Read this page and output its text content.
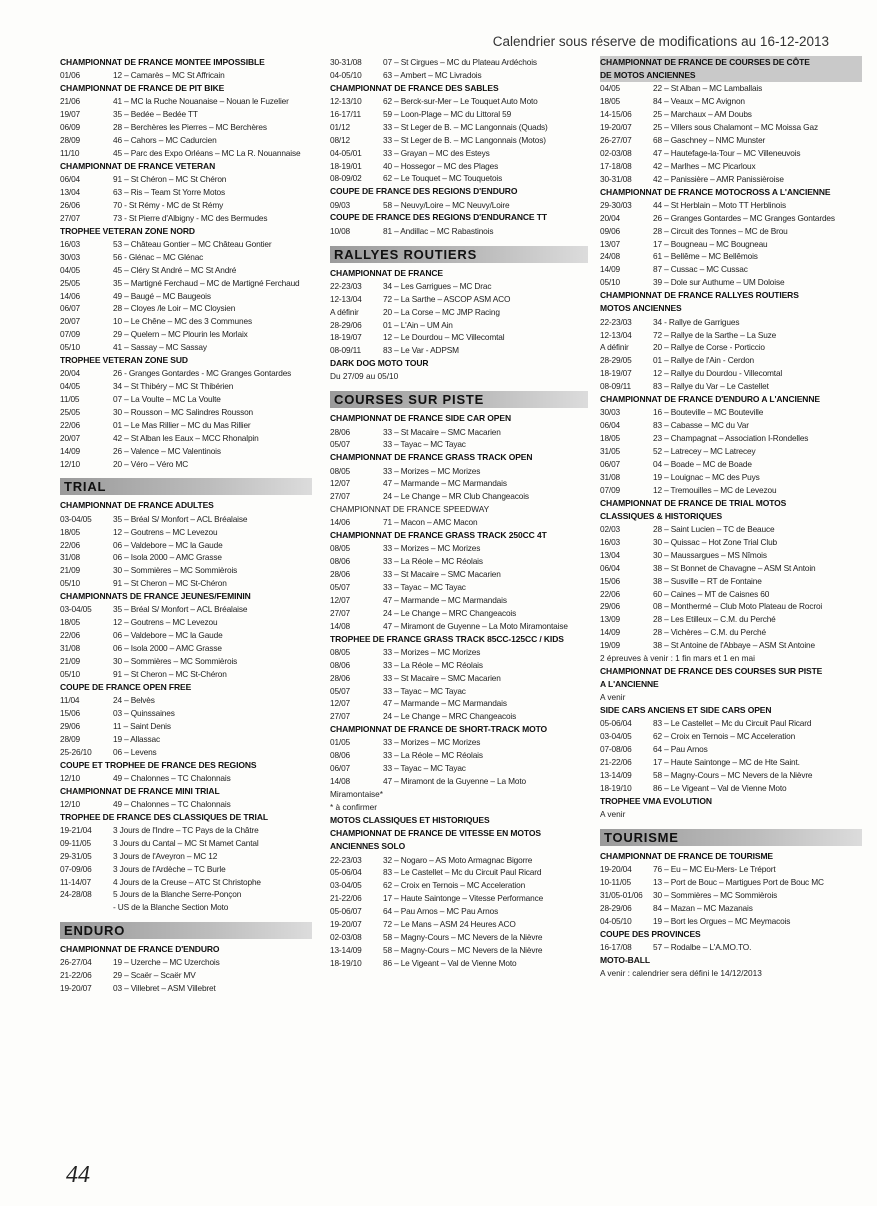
Calendrier sous réserve de modifications au 16-12-2013
CHAMPIONNAT DE FRANCE MONTEE IMPOSSIBLE
01/06	12 – Camarès – MC St Affricain
CHAMPIONNAT DE FRANCE DE PIT BIKE
21/06	41 – MC la Ruche Nouanaise – Nouan le Fuzelier
19/07	35 – Bedée – Bedée TT
06/09	28 – Berchères les Pierres – MC Berchères
28/09	46 – Cahors – MC Cadurcien
11/10	45 – Parc des Expo Orléans – MC La R. Nouannaise
CHAMPIONNAT DE FRANCE VETERAN
06/04	91 – St Chéron – MC St Chéron
13/04	63 – Ris – Team St Yorre Motos
26/06	70 - St Rémy - MC de St Rémy
27/07	73 - St Pierre d'Albigny - MC des Bermudes
TROPHEE VETERAN ZONE NORD
16/03	53 – Château Gontier – MC Château Gontier
30/03	56 - Glénac – MC Glénac
04/05	45 – Cléry St André – MC St André
25/05	35 – Martigné Ferchaud – MC de Martigné Ferchaud
14/06	49 – Baugé – MC Baugeois
06/07	28 – Cloyes /le Loir – MC Cloysien
20/07	10 – Le Chêne – MC des 3 Communes
07/09	29 – Quelern – MC Plourin les Morlaix
05/10	41 – Sassay – MC Sassay
TROPHEE VETERAN ZONE SUD
20/04	26 - Granges Gontardes - MC Granges Gontardes
04/05	34 – St Thibéry – MC St Thibérien
11/05	07 – La Voulte – MC La Voulte
25/05	30 – Rousson – MC Salindres Rousson
22/06	01 – Le Mas Rillier – MC du Mas Rillier
20/07	42 – St Alban les Eaux – MCC Rhonalpin
14/09	26 – Valence – MC Valentinois
12/10	20 – Véro – Véro MC
TRIAL
CHAMPIONNAT DE FRANCE ADULTES
03-04/05	35 – Bréal S/ Monfort – ACL Bréalaise
18/05	12 – Goutrens – MC Levezou
22/06	06 – Valdebore – MC la Gaude
31/08	06 – Isola 2000 – AMC Grasse
21/09	30 – Sommières – MC Sommièrois
05/10	91 – St Cheron – MC St-Chéron
CHAMPIONNATS DE FRANCE JEUNES/FEMININ
03-04/05	35 – Bréal S/ Monfort – ACL Bréalaise
18/05	12 – Goutrens – MC Levezou
22/06	06 – Valdebore – MC la Gaude
31/08	06 – Isola 2000 – AMC Grasse
21/09	30 – Sommières – MC Sommièrois
05/10	91 – St Cheron – MC St-Chéron
COUPE DE FRANCE OPEN FREE
11/04	24 – Belvès
15/06	03 – Quinssaines
29/06	11 – Saint Denis
28/09	19 – Allassac
25-26/10	06 – Levens
COUPE ET TROPHEE DE FRANCE DES REGIONS
12/10	49 – Chalonnes – TC Chalonnais
CHAMPIONNAT DE FRANCE MINI TRIAL
12/10	49 – Chalonnes – TC Chalonnais
TROPHEE DE FRANCE DES CLASSIQUES DE TRIAL
19-21/04	3 Jours de l'Indre – TC Pays de la Châtre
09-11/05	3 Jours du Cantal – MC St Mamet Cantal
29-31/05	3 Jours de l'Aveyron – MC 12
07-09/06	3 Jours de l'Ardèche – TC Burle
11-14/07	4 Jours de la Creuse – ATC St Christophe
24-28/08	5 Jours de la Blanche Serre-Ponçon
- US de la Blanche Section Moto
ENDURO
CHAMPIONNAT DE FRANCE D'ENDURO
26-27/04	19 – Uzerche – MC Uzerchois
21-22/06	29 – Scaër – Scaër MV
19-20/07	03 – Villebret – ASM Villebret
30-31/08	07 – St Cirgues – MC du Plateau Ardéchois
04-05/10	63 – Ambert – MC Livradois
CHAMPIONNAT DE FRANCE DES SABLES
12-13/10	62 – Berck-sur-Mer – Le Touquet Auto Moto
16-17/11	59 – Loon-Plage – MC du Littoral 59
01/12	33 – St Leger de B. – MC Langonnais (Quads)
08/12	33 – St Leger de B. – MC Langonnais (Motos)
04-05/01	33 – Grayan – MC des Esteys
18-19/01	40 – Hossegor – MC des Plages
08-09/02	62 – Le Touquet – MC Touquetois
COUPE DE FRANCE DES REGIONS D'ENDURO
09/03	58 – Neuvy/Loire – MC Neuvy/Loire
COUPE DE FRANCE DES REGIONS D'ENDURANCE TT
10/08	81 – Andillac – MC Rabastinois
RALLYES ROUTIERS
CHAMPIONNAT DE FRANCE
22-23/03	34 – Les Garrigues – MC Drac
12-13/04	72 – La Sarthe – ASCOP ASM ACO
A définir	20 – La Corse – MC JMP Racing
28-29/06	01 – L'Ain – UM Ain
18-19/07	12 – Le Dourdou – MC Villecomtal
08-09/11	83 – Le Var - ADPSM
DARK DOG MOTO TOUR
Du 27/09 au 05/10
COURSES SUR PISTE
CHAMPIONNAT DE FRANCE SIDE CAR OPEN
28/06	33 – St Macaire – SMC Macarien
05/07	33 – Tayac – MC Tayac
CHAMPIONNAT DE FRANCE GRASS TRACK OPEN
08/05	33 – Morizes – MC Morizes
12/07	47 – Marmande – MC Marmandais
27/07	24 – Le Change – MR Club Changeacois
CHAMPIONNAT DE FRANCE SPEEDWAY
14/06	71 – Macon – AMC Macon
CHAMPIONNAT DE FRANCE GRASS TRACK 250CC 4T
08/05	33 – Morizes – MC Morizes
08/06	33 – La Réole – MC Réolais
28/06	33 – St Macaire – SMC Macarien
05/07	33 – Tayac – MC Tayac
12/07	47 – Marmande – MC Marmandais
27/07	24 – Le Change – MRC Changeacois
14/08	47 – Miramont de Guyenne – La Moto Miramontaise
TROPHEE DE FRANCE GRASS TRACK 85CC-125CC / KIDS
08/05	33 – Morizes – MC Morizes
08/06	33 – La Réole – MC Réolais
28/06	33 – St Macaire – SMC Macarien
05/07	33 – Tayac – MC Tayac
12/07	47 – Marmande – MC Marmandais
27/07	24 – Le Change – MRC Changeacois
CHAMPIONNAT DE FRANCE DE SHORT-TRACK MOTO
01/05	33 – Morizes – MC Morizes
08/06	33 – La Réole – MC Réolais
06/07	33 – Tayac – MC Tayac
14/08	47 – Miramont de la Guyenne – La Moto
Miramontaise*
* à confirmer
MOTOS CLASSIQUES ET HISTORIQUES
CHAMPIONNAT DE FRANCE DE VITESSE EN MOTOS
ANCIENNES SOLO
22-23/03	32 – Nogaro – AS Moto Armagnac Bigorre
05-06/04	83 – Le Castellet – Mc du Circuit Paul Ricard
03-04/05	62 – Croix en Ternois – MC Acceleration
21-22/06	17 – Haute Saintonge – Vitesse Performance
05-06/07	64 – Pau Arnos – MC Pau Arnos
19-20/07	72 – Le Mans – ASM 24 Heures ACO
02-03/08	58 – Magny-Cours – MC Nevers de la Nièvre
13-14/09	58 – Magny-Cours – MC Nevers de la Nièvre
18-19/10	86 – Le Vigeant – Val de Vienne Moto
CHAMPIONNAT DE FRANCE DE COURSES DE CÔTE
DE MOTOS ANCIENNES
04/05	22 – St Alban – MC Lamballais
18/05	84 – Veaux – MC Avignon
14-15/06	25 – Marchaux – AM Doubs
19-20/07	25 – Villers sous Chalamont – MC Moissa Gaz
26-27/07	68 – Gaschney – NMC Munster
02-03/08	47 – Hautefage-la-Tour – MC Villeneuvois
17-18/08	42 – Marlhes – MC Picarloux
30-31/08	42 – Panissière – AMR Panissièroise
CHAMPIONNAT DE FRANCE MOTOCROSS A L'ANCIENNE
29-30/03	44 – St Herblain – Moto TT Herblinois
20/04	26 – Granges Gontardes – MC Granges Gontardes
09/06	28 – Circuit des Tonnes – MC de Brou
13/07	17 – Bougneau – MC Bougneau
24/08	61 – Bellême – MC Bellêmois
14/09	87 – Cussac – MC Cussac
05/10	39 – Dole sur Authume – UM Doloise
CHAMPIONNAT DE FRANCE RALLYES ROUTIERS
MOTOS ANCIENNES
22-23/03	34 - Rallye de Garrigues
12-13/04	72 – Rallye de la Sarthe – La Suze
A définir	20 – Rallye de Corse - Porticcio
28-29/05	01 – Rallye de l'Ain - Cerdon
18-19/07	12 – Rallye du Dourdou - Villecomtal
08-09/11	83 – Rallye du Var – Le Castellet
CHAMPIONNAT DE FRANCE D'ENDURO A L'ANCIENNE
30/03	16 – Bouteville – MC Bouteville
06/04	83 – Cabasse – MC du Var
18/05	23 – Champagnat – Association I-Rondelles
31/05	52 – Latrecey – MC Latrecey
06/07	04 – Boade – MC de Boade
31/08	19 – Louignac – MC des Puys
07/09	12 – Tremouilles – MC de Levezou
CHAMPIONNAT DE FRANCE DE TRIAL MOTOS
CLASSIQUES & HISTORIQUES
02/03	28 – Saint Lucien – TC de Beauce
16/03	30 – Quissac – Hot Zone Trial Club
13/04	30 – Maussargues – MS Nîmois
06/04	38 – St Bonnet de Chavagne – ASM St Antoin
15/06	38 – Susville – RT de Fontaine
22/06	60 – Caines – MT de Caisnes 60
29/06	08 – Monthermé – Club Moto Plateau de Rocroi
13/09	28 – Les Etilleux – C.M. du Perché
14/09	28 – Vichères – C.M. du Perché
19/09	38 – St Antoine de l'Abbaye – ASM St Antoine
2 épreuves à venir : 1 fin mars et 1 en mai
CHAMPIONNAT DE FRANCE DES COURSES SUR PISTE
A L'ANCIENNE
A venir
SIDE CARS ANCIENS ET SIDE CARS OPEN
05-06/04	83 – Le Castellet – Mc du Circuit Paul Ricard
03-04/05	62 – Croix en Ternois – MC Acceleration
07-08/06	64 – Pau Arnos
21-22/06	17 – Haute Saintonge – MC de Hte Saint.
13-14/09	58 – Magny-Cours – MC Nevers de la Nièvre
18-19/10	86 – Le Vigeant – Val de Vienne Moto
TROPHEE VMA EVOLUTION
A venir
TOURISME
CHAMPIONNAT DE FRANCE DE TOURISME
19-20/04	76 – Eu – MC Eu-Mers- Le Tréport
10-11/05	13 – Port de Bouc – Martigues Port de Bouc MC
31/05-01/06	30 – Sommières – MC Sommièrois
28-29/06	84 – Mazan – MC Mazanais
04-05/10	19 – Bort les Orgues – MC Meymacois
COUPE DES PROVINCES
16-17/08	57 – Rodalbe – L'A.MO.TO.
MOTO-BALL
A venir : calendrier sera défini le 14/12/2013
44
